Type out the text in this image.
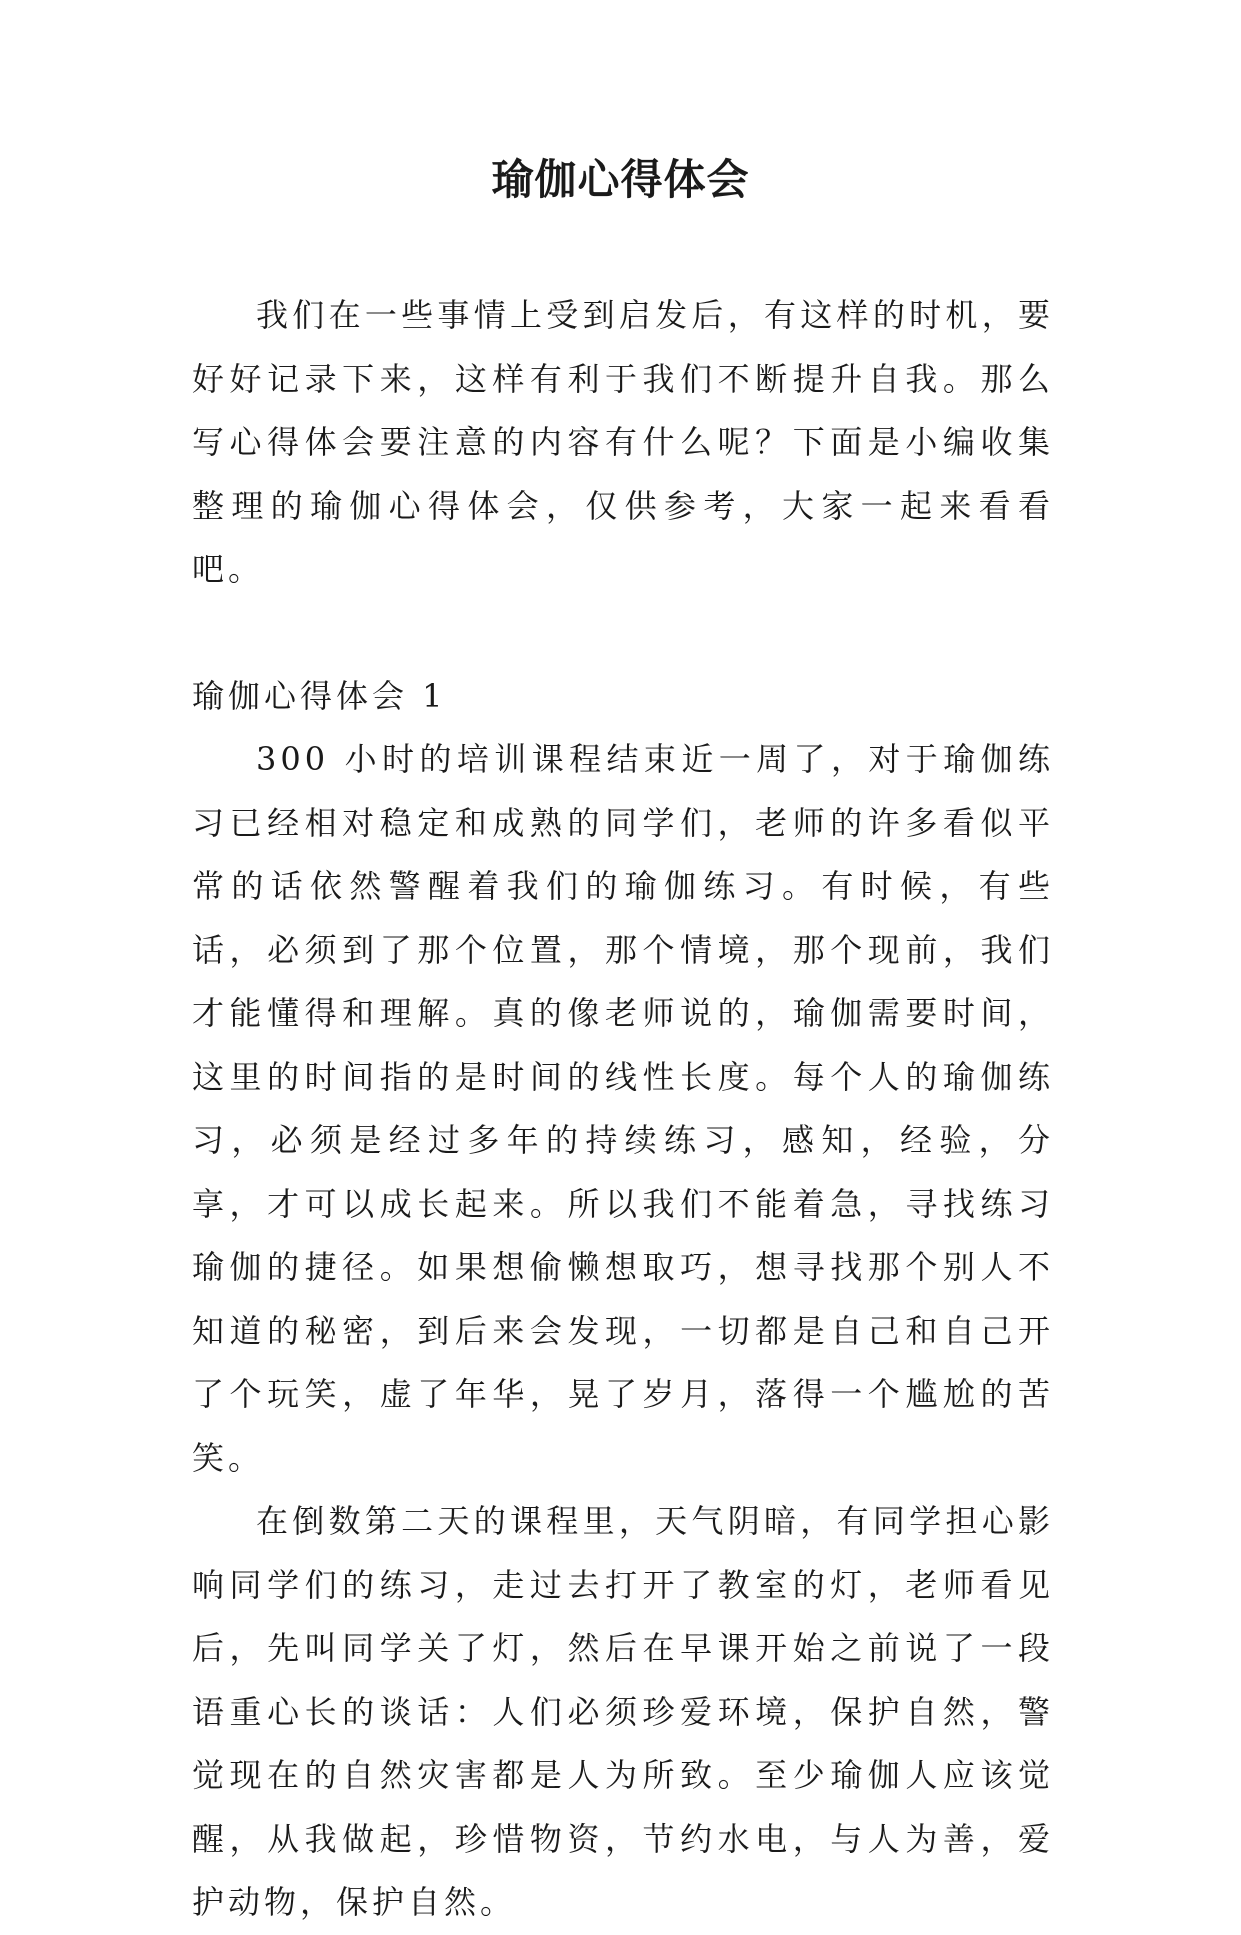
瑜伽心得体会

我们在一些事情上受到启发后，有这样的时机，要好好记录下来，这样有利于我们不断提升自我。那么写心得体会要注意的内容有什么呢？下面是小编收集整理的瑜伽心得体会，仅供参考，大家一起来看看吧。

瑜伽心得体会 1

300 小时的培训课程结束近一周了，对于瑜伽练习已经相对稳定和成熟的同学们，老师的许多看似平常的话依然警醒着我们的瑜伽练习。有时候，有些话，必须到了那个位置，那个情境，那个现前，我们才能懂得和理解。真的像老师说的，瑜伽需要时间，这里的时间指的是时间的线性长度。每个人的瑜伽练习，必须是经过多年的持续练习，感知，经验，分享，才可以成长起来。所以我们不能着急，寻找练习瑜伽的捷径。如果想偷懒想取巧，想寻找那个别人不知道的秘密，到后来会发现，一切都是自己和自己开了个玩笑，虚了年华，晃了岁月，落得一个尴尬的苦笑。

在倒数第二天的课程里，天气阴暗，有同学担心影响同学们的练习，走过去打开了教室的灯，老师看见后，先叫同学关了灯，然后在早课开始之前说了一段语重心长的谈话：人们必须珍爱环境，保护自然，警觉现在的自然灾害都是人为所致。至少瑜伽人应该觉醒，从我做起，珍惜物资，节约水电，与人为善，爱护动物，保护自然。
